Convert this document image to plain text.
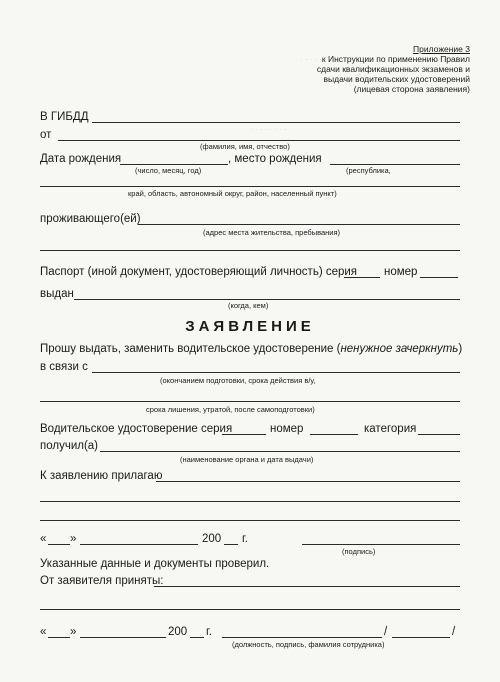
· · · · · ·
· · · · · · · ·
· · · · · ·
Приложение 3
к Инструкции по применению Правил
сдачи квалификационных экзаменов и
выдачи водительских удостоверений
(лицевая сторона заявления)
В ГИБДД
от
(фамилия, имя, отчество)
Дата рождения	, место рождения
(число, месяц, год)	(республика,
край, область, автономный округ, район, населенный пункт)
проживающего(ей)
(адрес места жительства, пребывания)
Паспорт (иной документ, удостоверяющий личность) серия номер
выдан
(когда, кем)
ЗАЯВЛЕНИЕ
Прошу выдать, заменить водительское удостоверение (ненужное зачеркнуть)
в связи с
(окончанием подготовки, срока действия в/у,
срока лишения, утратой, после самоподготовки)
Водительское удостоверение серия	номер	категория
получил(а)
(наименование органа и дата выдачи)
К заявлению прилагаю
« »	200 г.
(подпись)
Указанные данные и документы проверил.
От заявителя приняты:
« »	200 г.	/	/
(должность, подпись, фамилия сотрудника)
